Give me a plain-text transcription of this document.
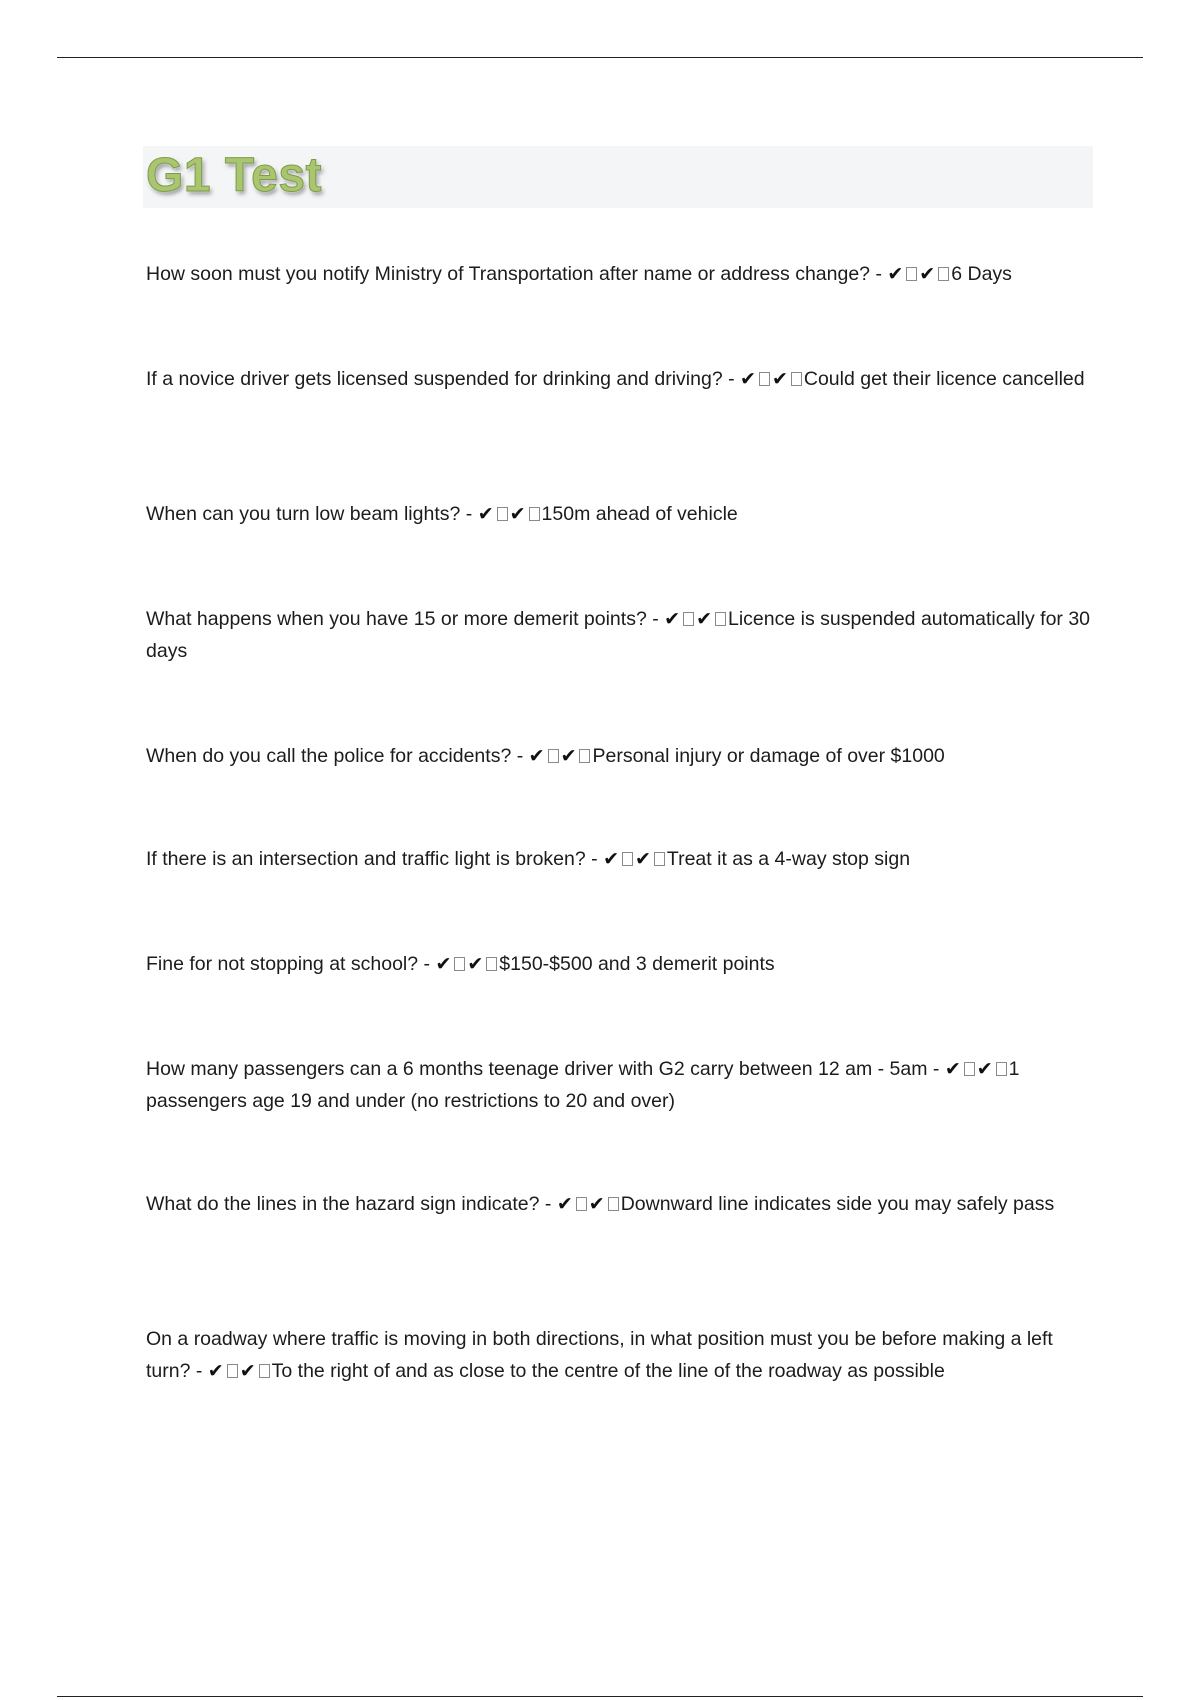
G1 Test
How soon must you notify Ministry of Transportation after name or address change? - ✔ ✔ 6 Days
If a novice driver gets licensed suspended for drinking and driving? - ✔ ✔ Could get their licence cancelled
When can you turn low beam lights? - ✔ ✔ 150m ahead of vehicle
What happens when you have 15 or more demerit points? - ✔ ✔ Licence is suspended automatically for 30 days
When do you call the police for accidents? - ✔ ✔ Personal injury or damage of over $1000
If there is an intersection and traffic light is broken? - ✔ ✔ Treat it as a 4-way stop sign
Fine for not stopping at school? - ✔ ✔ $150-$500 and 3 demerit points
How many passengers can a 6 months teenage driver with G2 carry between 12 am - 5am - ✔ ✔ 1 passengers age 19 and under (no restrictions to 20 and over)
What do the lines in the hazard sign indicate? - ✔ ✔ Downward line indicates side you may safely pass
On a roadway where traffic is moving in both directions, in what position must you be before making a left turn? - ✔ ✔ To the right of and as close to the centre of the line of the roadway as possible
